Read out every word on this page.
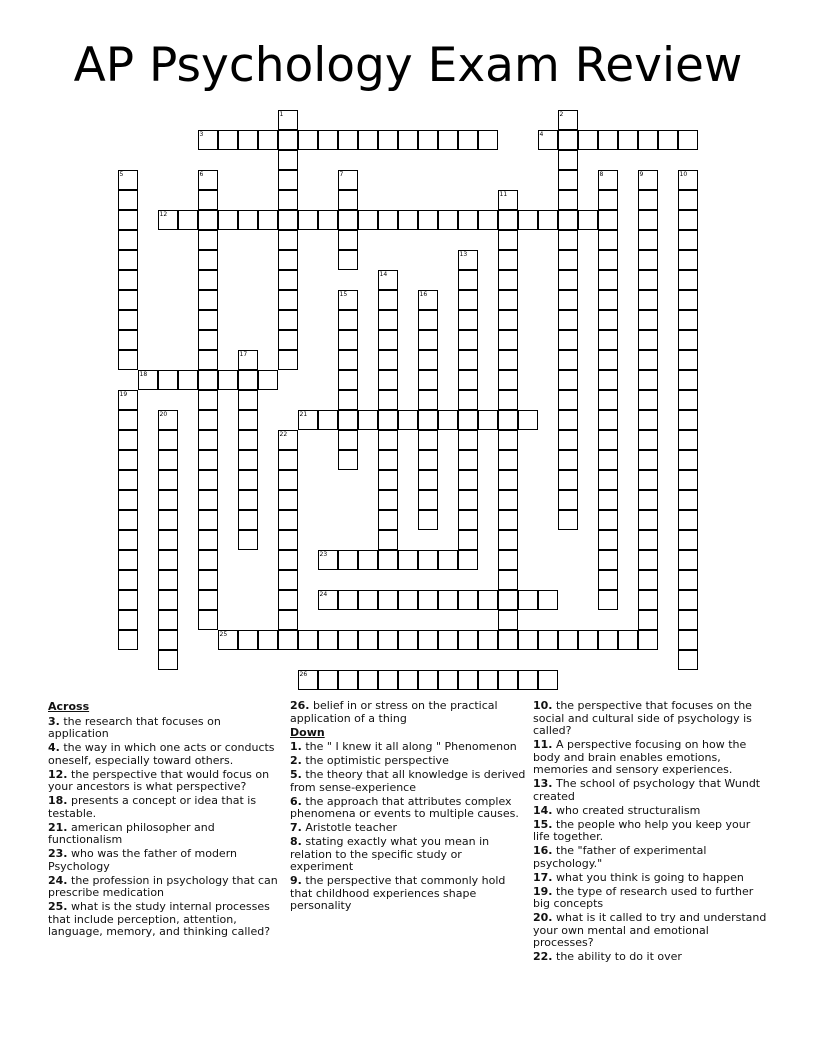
AP Psychology Exam Review
3	4
12
18
21
23
24
25
26
1	2
5	6	7	8	9	10
11
13
14
15	16
17
19
20
22

Across

3. the research that focuses on application

4. the way in which one acts or conducts oneself, especially toward others.

12. the perspective that would focus on your ancestors is what perspective?

18. presents a concept or idea that is testable.

21. american philosopher and functionalism

23. who was the father of modern Psychology

24. the profession in psychology that can prescribe medication

25. what is the study internal processes that include perception, attention, language, memory, and thinking called?

26. belief in or stress on the practical application of a thing

Down

1. the " I knew it all along " Phenomenon

2. the optimistic perspective

5. the theory that all knowledge is derived from sense-experience

6. the approach that attributes complex phenomena or events to multiple causes.

7. Aristotle teacher

8. stating exactly what you mean in relation to the specific study or experiment

9. the perspective that commonly hold that childhood experiences shape personality

10. the perspective that focuses on the social and cultural side of psychology is called?

11. A perspective focusing on how the body and brain enables emotions, memories and sensory experiences.

13. The school of psychology that Wundt created

14. who created structuralism

15. the people who help you keep your life together.

16. the "father of experimental psychology."

17. what you think is going to happen

19. the type of research used to further big concepts

20. what is it called to try and understand your own mental and emotional processes?

22. the ability to do it over
